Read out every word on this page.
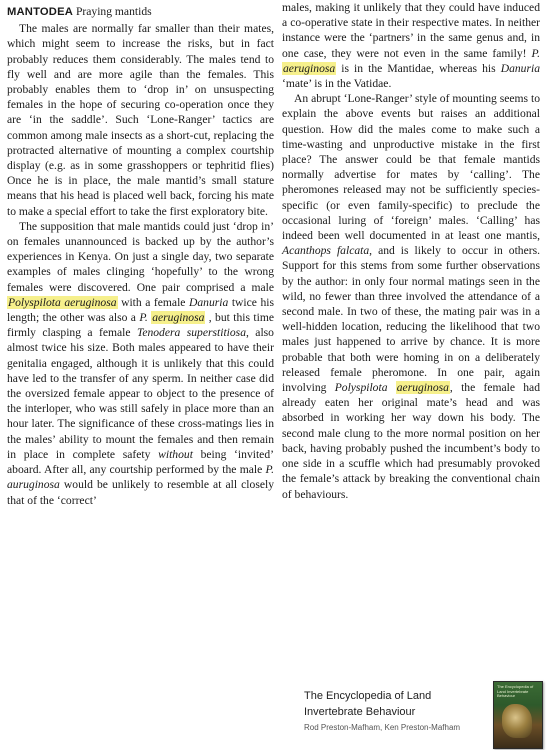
MANTODEA Praying mantids

The males are normally far smaller than their mates, which might seem to increase the risks, but in fact probably reduces them considerably. The males tend to fly well and are more agile than the females. This probably enables them to ‘drop in’ on unsuspecting females in the hope of securing co-operation once they are ‘in the saddle’. Such ‘Lone-Ranger’ tactics are common among male insects as a short-cut, replacing the protracted alternative of mounting a complex courtship display (e.g. as in some grasshoppers or tephritid flies) Once he is in place, the male mantid’s small stature means that his head is placed well back, forcing his mate to make a special effort to take the first exploratory bite.

The supposition that male mantids could just ‘drop in’ on females unannounced is backed up by the author’s experiences in Kenya. On just a single day, two separate examples of males clinging ‘hopefully’ to the wrong females were discovered. One pair comprised a male Polyspilota aeruginosa with a female Danuria twice his length; the other was also a P. aeruginosa , but this time firmly clasping a female Tenodera superstitiosa, also almost twice his size. Both males appeared to have their genitalia engaged, although it is unlikely that this could have led to the transfer of any sperm. In neither case did the oversized female appear to object to the presence of the interloper, who was still safely in place more than an hour later. The significance of these cross-matings lies in the males’ ability to mount the females and then remain in place in complete safety without being ‘invited’ aboard. After all, any courtship performed by the male P. auruginosa would be unlikely to resemble at all closely that of the ‘correct’

males, making it unlikely that they could have induced a co-operative state in their respective mates. In neither instance were the ‘partners’ in the same genus and, in one case, they were not even in the same family! P. aeruginosa is in the Mantidae, whereas his Danuria ‘mate’ is in the Vatidae.

An abrupt ‘Lone-Ranger’ style of mounting seems to explain the above events but raises an additional question. How did the males come to make such a time-wasting and unproductive mistake in the first place? The answer could be that female mantids normally advertise for mates by ‘calling’. The pheromones released may not be sufficiently species-specific (or even family-specific) to preclude the occasional luring of ‘foreign’ males. ‘Calling’ has indeed been well documented in at least one mantis, Acanthops falcata, and is likely to occur in others. Support for this stems from some further observations by the author: in only four normal matings seen in the wild, no fewer than three involved the attendance of a second male. In two of these, the mating pair was in a well-hidden location, reducing the likelihood that two males just happened to arrive by chance. It is more probable that both were homing in on a deliberately released female pheromone. In one pair, again involving Polyspilota aeruginosa, the female had already eaten her original mate’s head and was absorbed in working her way down his body. The second male clung to the more normal position on her back, having probably pushed the incumbent’s body to one side in a scuffle which had presumably provoked the female’s attack by breaking the conventional chain of behaviours.

The Encyclopedia of Land
Invertebrate Behaviour
Rod Preston-Mafham, Ken Preston-Mafham
The Encyclopedia of Land Invertebrate Behaviour
